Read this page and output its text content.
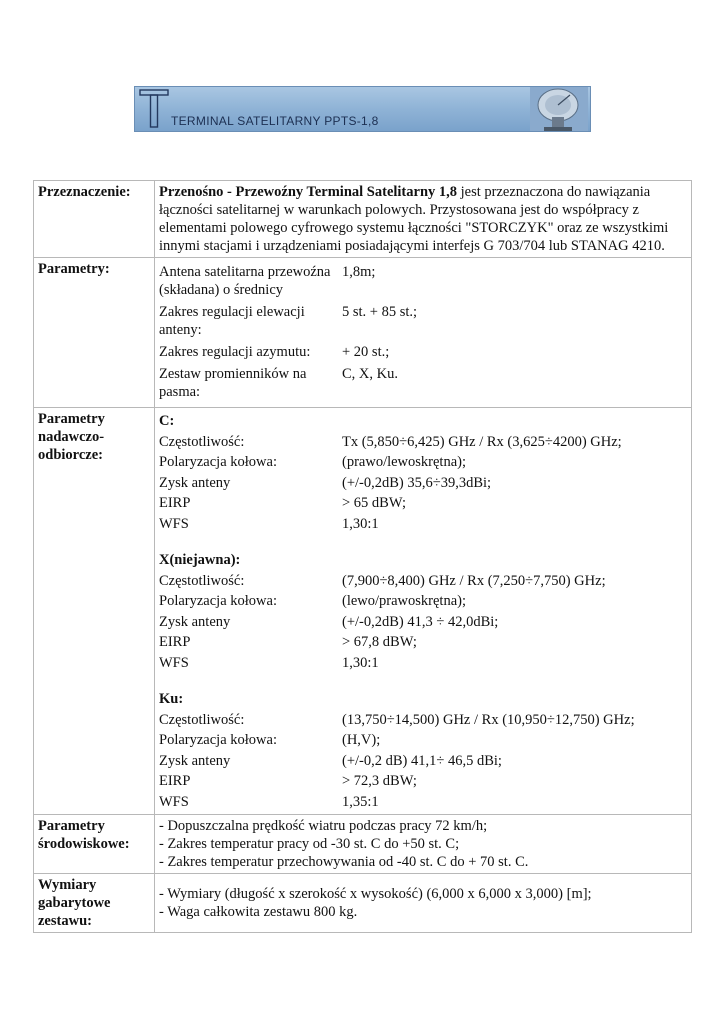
TERMINAL SATELITARNY PPTS-1,8
Przeznaczenie:	Przenośno - Przewoźny Terminal Satelitarny 1,8 jest przeznaczona do nawiązania łączności satelitarnej w warunkach polowych. Przystosowana jest do współpracy z elementami polowego cyfrowego systemu łączności "STORCZYK" oraz ze wszystkimi innymi stacjami i urządzeniami posiadającymi interfejs G 703/704 lub STANAG 4210.
Parametry:		Antena satelitarna przewoźna (składana) o średnicy	1,8m;
Zakres regulacji elewacji anteny:	5 st. + 85 st.;
Zakres regulacji azymutu:	+ 20 st.;
Zestaw promienników na pasma:	C, X, Ku.

Parametry nadawczo-odbiorcze:	
C:
Częstotliwość:	Tx (5,850÷6,425) GHz / Rx (3,625÷4200) GHz;
Polaryzacja kołowa:	(prawo/lewoskrętna);
Zysk anteny	(+/-0,2dB) 35,6÷39,3dBi;
EIRP	> 65 dBW;
WFS	1,30:1

X(niejawna):
Częstotliwość:	(7,900÷8,400) GHz / Rx (7,250÷7,750) GHz;
Polaryzacja kołowa:	(lewo/prawoskrętna);
Zysk anteny	(+/-0,2dB) 41,3 ÷ 42,0dBi;
EIRP	> 67,8 dBW;
WFS	1,30:1

Ku:
Częstotliwość:	(13,750÷14,500) GHz / Rx (10,950÷12,750) GHz;
Polaryzacja kołowa:	(H,V);
Zysk anteny	(+/-0,2 dB) 41,1÷ 46,5 dBi;
EIRP	> 72,3 dBW;
WFS	1,35:1

Parametry środowiskowe:	
- Dopuszczalna prędkość wiatru podczas pracy 72 km/h;
- Zakres temperatur pracy od -30 st. C do +50 st. C;
- Zakres temperatur przechowywania od -40 st. C do + 70 st. C.

Wymiary gabarytowe zestawu:	
- Wymiary (długość x szerokość x wysokość) (6,000 x 6,000 x 3,000) [m];
- Waga całkowita zestawu 800 kg.
